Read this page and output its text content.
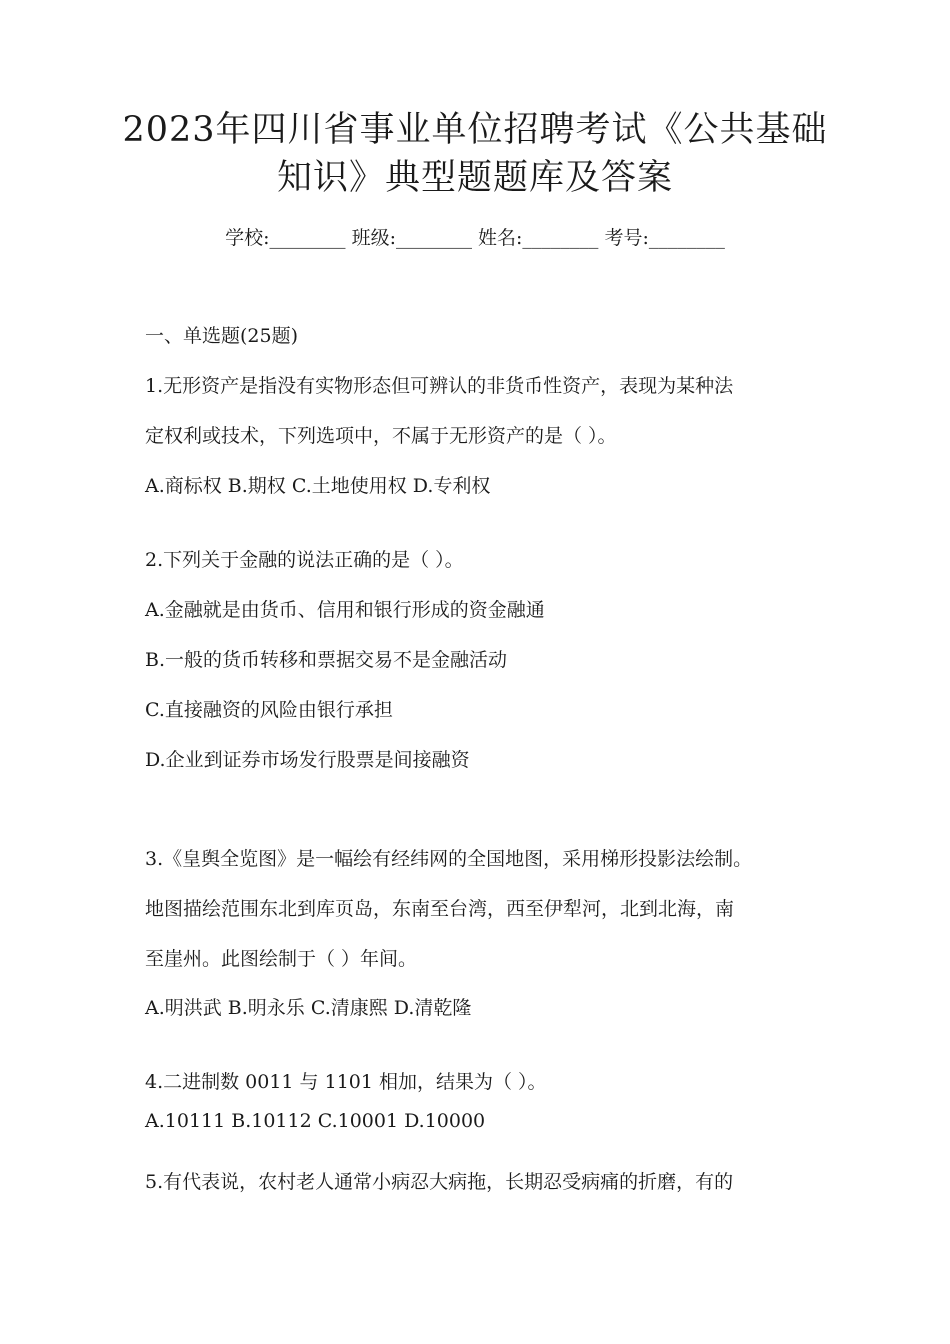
2023年四川省事业单位招聘考试《公共基础
知识》典型题题库及答案
学校:________ 班级:________ 姓名:________ 考号:________
一、单选题(25题)
1.无形资产是指没有实物形态但可辨认的非货币性资产，表现为某种法
定权利或技术，下列选项中，不属于无形资产的是（ ）。
A.商标权 B.期权 C.土地使用权 D.专利权
2.下列关于金融的说法正确的是（ ）。
A.金融就是由货币、信用和银行形成的资金融通
B.一般的货币转移和票据交易不是金融活动
C.直接融资的风险由银行承担
D.企业到证券市场发行股票是间接融资
3.《皇舆全览图》是一幅绘有经纬网的全国地图，采用梯形投影法绘制。
地图描绘范围东北到库页岛，东南至台湾，西至伊犁河，北到北海，南
至崖州。此图绘制于（ ）年间。
A.明洪武 B.明永乐 C.清康熙 D.清乾隆
4.二进制数 0011 与 1101 相加，结果为（ ）。
A.10111 B.10112 C.10001 D.10000
5.有代表说，农村老人通常小病忍大病拖，长期忍受病痛的折磨，有的
